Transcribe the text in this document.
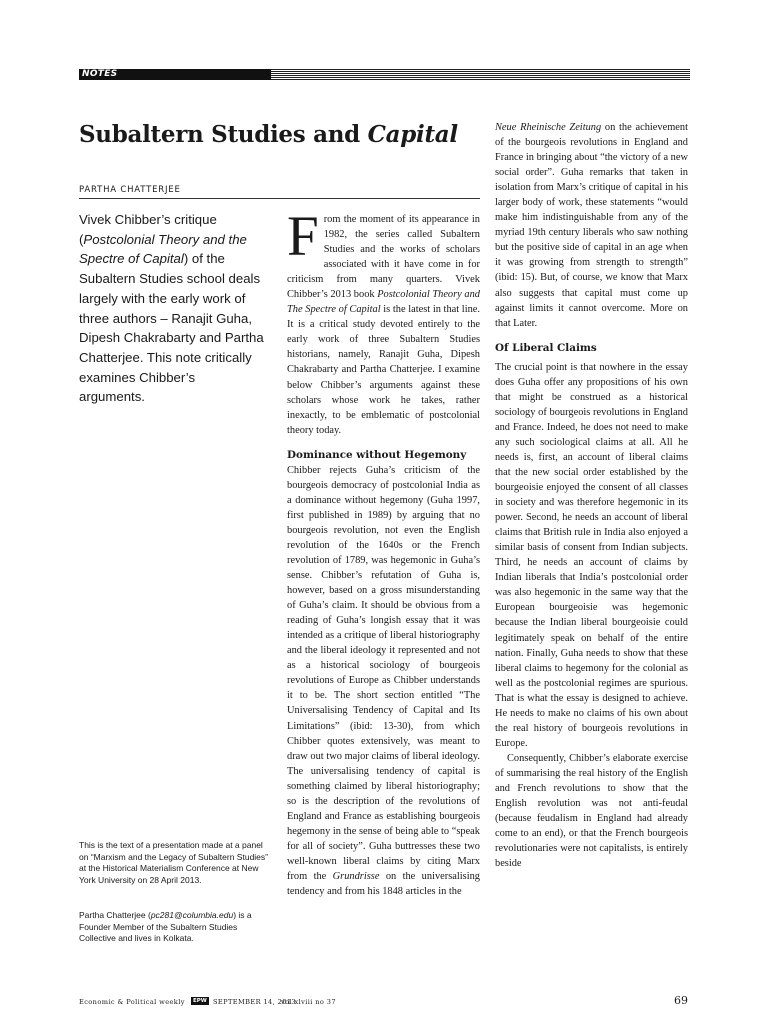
NOTES
Subaltern Studies and Capital
PARTHA CHATTERJEE

Vivek Chibber’s critique (Postcolonial Theory and the Spectre of Capital) of the Subaltern Studies school deals largely with the early work of three authors – Ranajit Guha, Dipesh Chakrabarty and Partha Chatterjee. This note critically examines Chibber’s arguments.

This is the text of a presentation made at a panel on “Marxism and the Legacy of Subaltern Studies” at the Historical Materialism Conference at New York University on 28 April 2013.

Partha Chatterjee (pc281@columbia.edu) is a Founder Member of the Subaltern Studies Collective and lives in Kolkata.

From the moment of its appearance in 1982, the series called Subaltern Studies and the works of scholars associated with it have come in for criticism from many quarters. Vivek Chibber’s 2013 book Postcolonial Theory and The Spectre of Capital is the latest in that line. It is a critical study devoted entirely to the early work of three Subaltern Studies historians, namely, Ranajit Guha, Dipesh Chakrabarty and Partha Chatterjee. I examine below Chibber’s arguments against these scholars whose work he takes, rather inexactly, to be emblematic of postcolonial theory today.

Dominance without Hegemony

Chibber rejects Guha’s criticism of the bourgeois democracy of postcolonial India as a dominance without hegemony (Guha 1997, first published in 1989) by arguing that no bourgeois revolution, not even the English revolution of the 1640s or the French revolution of 1789, was hegemonic in Guha’s sense. Chibber’s refutation of Guha is, however, based on a gross misunderstanding of Guha’s claim. It should be obvious from a reading of Guha’s longish essay that it was intended as a critique of liberal historiography and the liberal ideology it represented and not as a historical sociology of bourgeois revolutions of Europe as Chibber understands it to be. The short section entitled “The Universalising Tendency of Capital and Its Limitations” (ibid: 13-30), from which Chibber quotes extensively, was meant to draw out two major claims of liberal ideology. The universalising tendency of capital is something claimed by liberal historiography; so is the description of the revolutions of England and France as establishing bourgeois hegemony in the sense of being able to “speak for all of society”. Guha buttresses these two well-known liberal claims by citing Marx from the Grundrisse on the universalising tendency and from his 1848 articles in the

Neue Rheinische Zeitung on the achievement of the bourgeois revolutions in England and France in bringing about “the victory of a new social order”. Guha remarks that taken in isolation from Marx’s critique of capital in his larger body of work, these statements “would make him indistinguishable from any of the myriad 19th century liberals who saw nothing but the positive side of capital in an age when it was growing from strength to strength” (ibid: 15). But, of course, we know that Marx also suggests that capital must come up against limits it cannot overcome. More on that Later.

Of Liberal Claims

The crucial point is that nowhere in the essay does Guha offer any propositions of his own that might be construed as a historical sociology of bourgeois revolutions in England and France. Indeed, he does not need to make any such sociological claims at all. All he needs is, first, an account of liberal claims that the new social order established by the bourgeoisie enjoyed the consent of all classes in society and was therefore hegemonic in its power. Second, he needs an account of liberal claims that British rule in India also enjoyed a similar basis of consent from Indian subjects. Third, he needs an account of claims by Indian liberals that India’s postcolonial order was also hegemonic in the same way that the European bourgeoisie was hegemonic because the Indian liberal bourgeoisie could legitimately speak on behalf of the entire nation. Finally, Guha needs to show that these liberal claims to hegemony for the colonial as well as the postcolonial regimes are spurious. That is what the essay is designed to achieve. He needs to make no claims of his own about the real history of bourgeois revolutions in Europe.

Consequently, Chibber’s elaborate exercise of summarising the real history of the English and French revolutions to show that the English revolution was not anti-feudal (because feudalism in England had already come to an end), or that the French bourgeois revolutionaries were not capitalists, is entirely beside

Economic & Political weekly	EPW SEPTEMBER 14, 2013
vol xlviii no 37	69
